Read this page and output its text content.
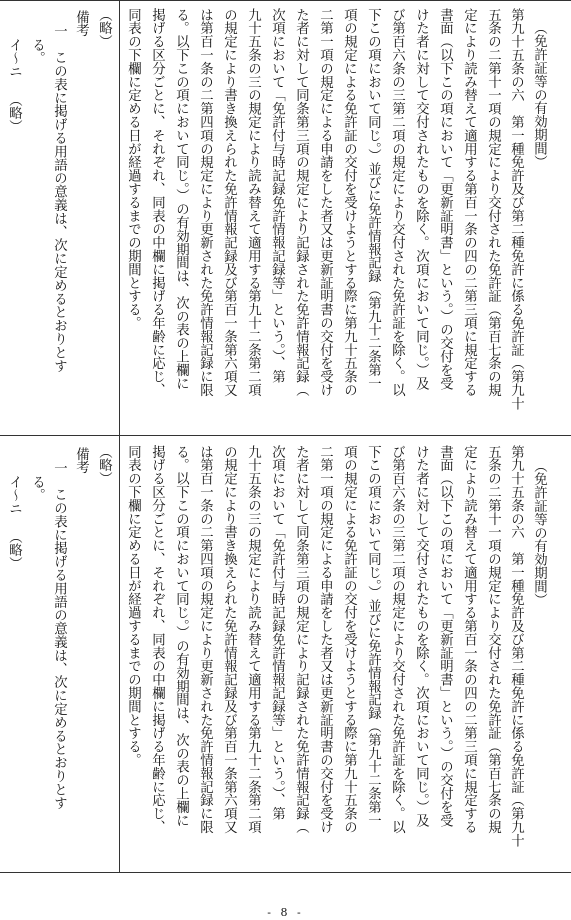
（免許証等の有効期間）
第九十五条の六　第一種免許及び第二種免許に係る免許証（第九十
五条の二第十一項の規定により交付された免許証（第百七条の規
定により読み替えて適用する第百一条の四の二第三項に規定する
書面（以下この項において「更新証明書」という。）の交付を受
けた者に対して交付されたものを除く。次項において同じ。）及
び第百六条の三第二項の規定により交付された免許証を除く。以
下この項において同じ。）並びに免許情報記録（第九十二条第一
項の規定による免許証の交付を受けようとする際に第九十五条の
二第一項の規定による申請をした者又は更新証明書の交付を受け
た者に対して同条第三項の規定により記録された免許情報記録（
次項において「免許付与時記録免許情報記録等」という。）、第
九十五条の三の規定により読み替えて適用する第九十二条第二項
の規定により書き換えられた免許情報記録及び第百一条第六項又
は第百一条の二第四項の規定により更新された免許情報記録に限
る。以下この項において同じ。）の有効期間は、次の表の上欄に
掲げる区分ごとに、それぞれ、同表の中欄に掲げる年齢に応じ、
同表の下欄に定める日が経過するまでの期間とする。
（略）
備考
一　この表に掲げる用語の意義は、次に定めるとおりとす
る。
イ～ニ
（略）
（免許証等の有効期間）
第九十五条の六　第一種免許及び第二種免許に係る免許証（第九十
五条の二第十一項の規定により交付された免許証（第百七条の規
定により読み替えて適用する第百一条の四の二第三項に規定する
書面（以下この項において「更新証明書」という。）の交付を受
けた者に対して交付されたものを除く。次項において同じ。）及
び第百六条の三第二項の規定により交付された免許証を除く。以
下この項において同じ。）並びに免許情報記録（第九十二条第一
項の規定による免許証の交付を受けようとする際に第九十五条の
二第一項の規定による申請をした者又は更新証明書の交付を受け
た者に対して同条第三項の規定により記録された免許情報記録（
次項において「免許付与時記録免許情報記録等」という。）、第
九十五条の三の規定により読み替えて適用する第九十二条第二項
の規定により書き換えられた免許情報記録及び第百一条第六項又
は第百一条の二第四項の規定により更新された免許情報記録に限
る。以下この項において同じ。）の有効期間は、次の表の上欄に
掲げる区分ごとに、それぞれ、同表の中欄に掲げる年齢に応じ、
同表の下欄に定める日が経過するまでの期間とする。
（略）
備考
一　この表に掲げる用語の意義は、次に定めるとおりとす
る。
イ～ニ
（略）
- 8 -
